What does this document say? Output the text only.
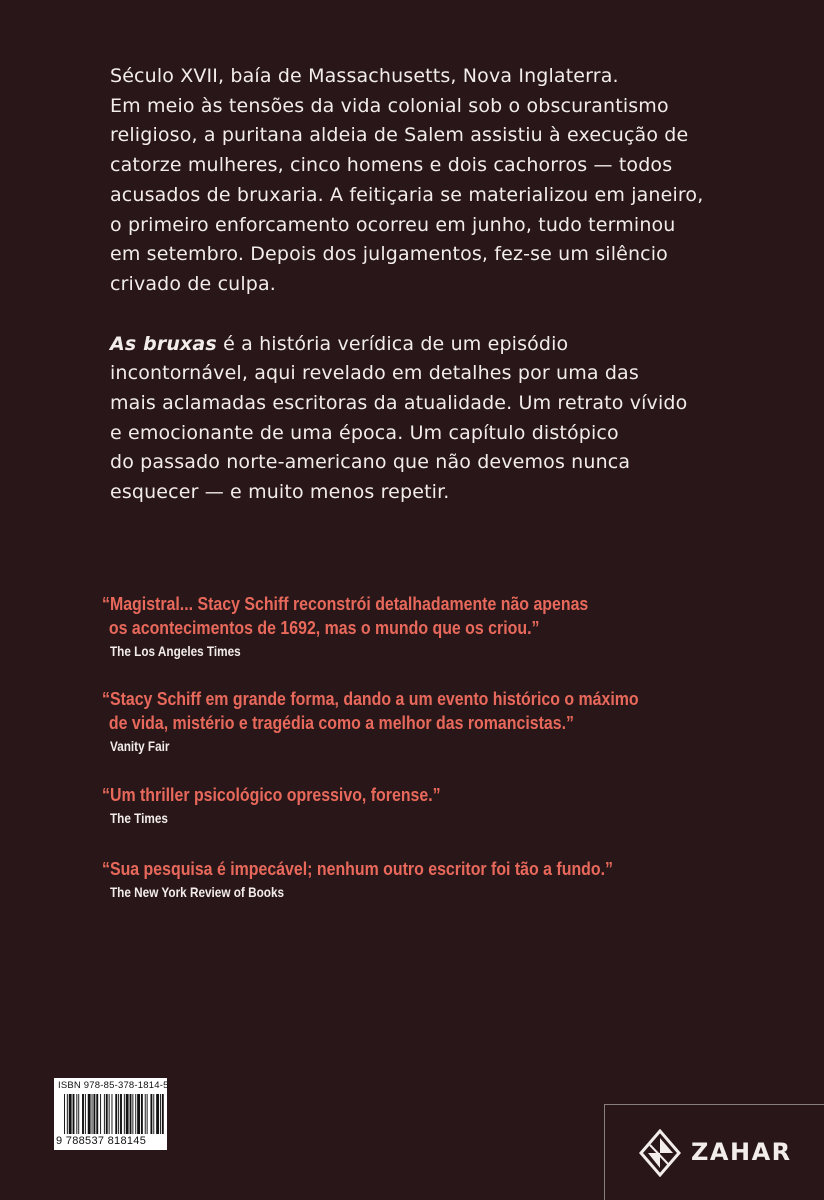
Século XVII, baía de Massachusetts, Nova Inglaterra.
Em meio às tensões da vida colonial sob o obscurantismo
religioso, a puritana aldeia de Salem assistiu à execução de
catorze mulheres, cinco homens e dois cachorros — todos
acusados de bruxaria. A feitiçaria se materializou em janeiro,
o primeiro enforcamento ocorreu em junho, tudo terminou
em setembro. Depois dos julgamentos, fez-se um silêncio
crivado de culpa.

As bruxas é a história verídica de um episódio
incontornável, aqui revelado em detalhes por uma das
mais aclamadas escritoras da atualidade. Um retrato vívido
e emocionante de uma época. Um capítulo distópico
do passado norte-americano que não devemos nunca
esquecer — e muito menos repetir.

“Magistral... Stacy Schiff reconstrói detalhadamente não apenas
os acontecimentos de 1692, mas o mundo que os criou.”
The Los Angeles Times
“Stacy Schiff em grande forma, dando a um evento histórico o máximo
de vida, mistério e tragédia como a melhor das romancistas.”
Vanity Fair
“Um thriller psicológico opressivo, forense.”
The Times
“Sua pesquisa é impecável; nenhum outro escritor foi tão a fundo.”
The New York Review of Books
ISBN 978-85-378-1814-5
9 788537 818145	ZAHAR
